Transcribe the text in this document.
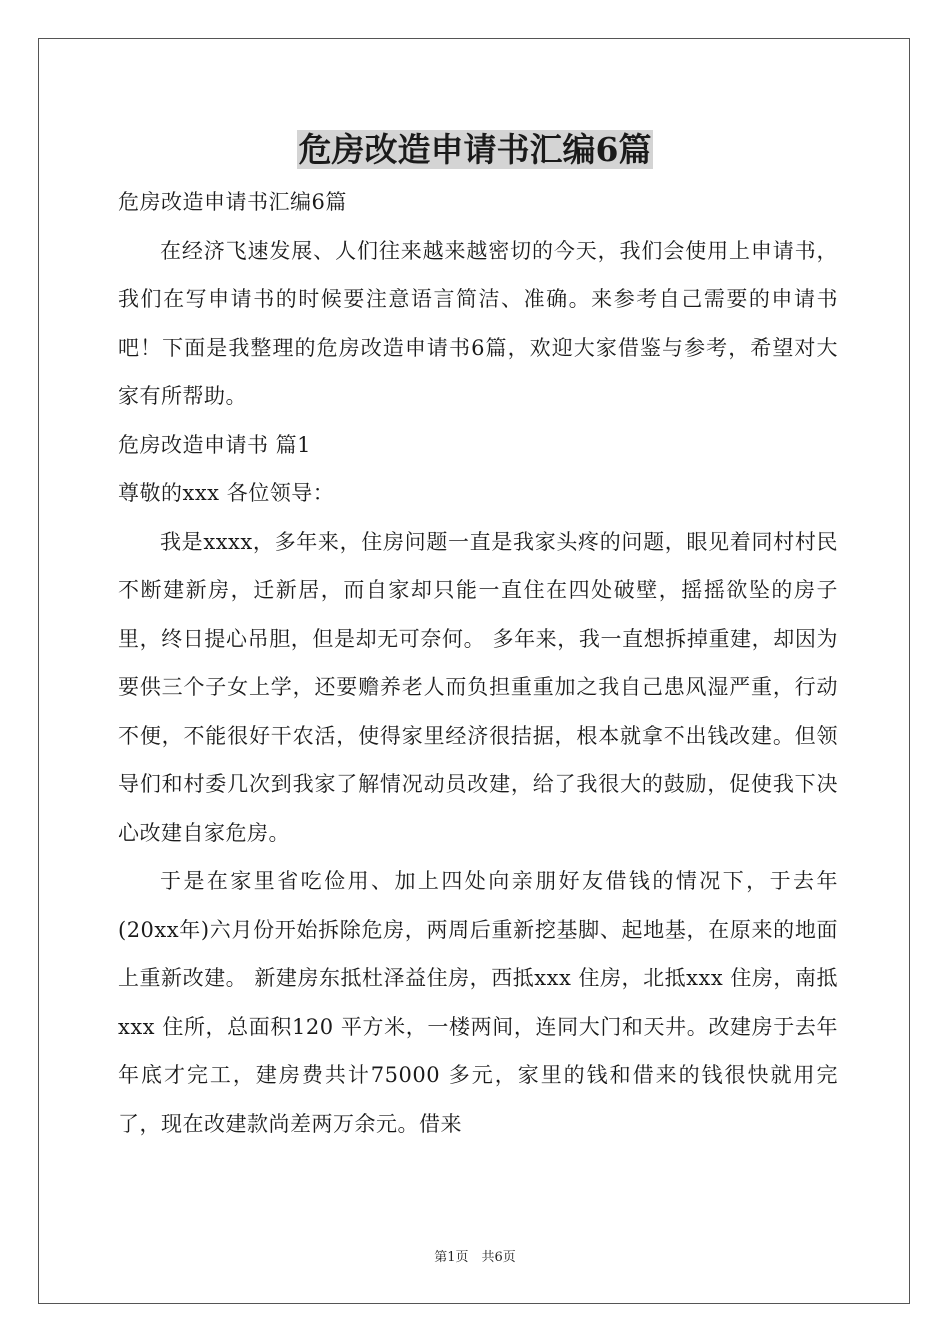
危房改造申请书汇编6篇
危房改造申请书汇编6篇

在经济飞速发展、人们往来越来越密切的今天，我们会使用上申请书，我们在写申请书的时候要注意语言简洁、准确。来参考自己需要的申请书吧！下面是我整理的危房改造申请书6篇，欢迎大家借鉴与参考，希望对大家有所帮助。

危房改造申请书 篇1
尊敬的xxx 各位领导：

我是xxxx，多年来，住房问题一直是我家头疼的问题，眼见着同村村民不断建新房，迁新居，而自家却只能一直住在四处破壁，摇摇欲坠的房子里，终日提心吊胆，但是却无可奈何。 多年来，我一直想拆掉重建，却因为要供三个子女上学，还要赡养老人而负担重重加之我自己患风湿严重，行动不便，不能很好干农活，使得家里经济很拮据，根本就拿不出钱改建。但领导们和村委几次到我家了解情况动员改建，给了我很大的鼓励，促使我下决心改建自家危房。

于是在家里省吃俭用、加上四处向亲朋好友借钱的情况下，于去年(20xx年)六月份开始拆除危房，两周后重新挖基脚、起地基，在原来的地面上重新改建。 新建房东抵杜泽益住房，西抵xxx 住房，北抵xxx 住房，南抵xxx 住所，总面积120 平方米，一楼两间，连同大门和天井。改建房于去年年底才完工，建房费共计75000 多元，家里的钱和借来的钱很快就用完了，现在改建款尚差两万余元。借来

第1页　共6页
